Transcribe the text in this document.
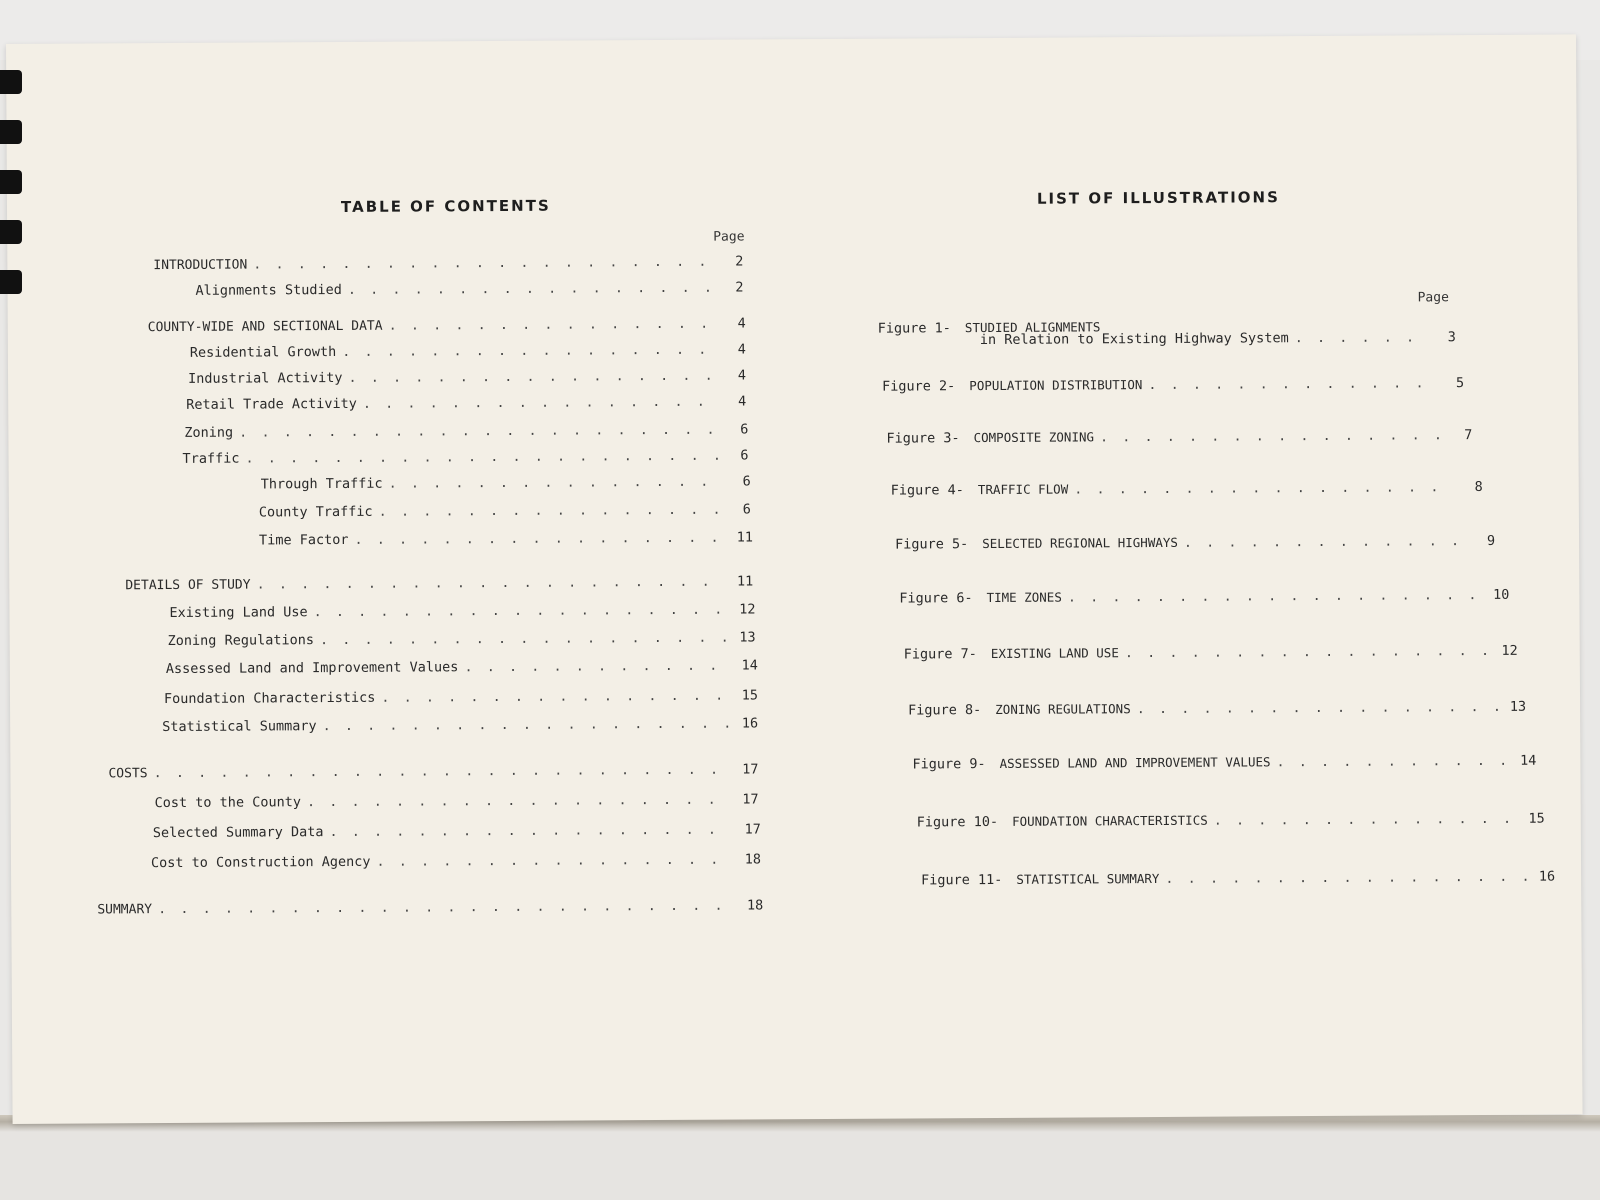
TABLE OF CONTENTS
Page
INTRODUCTION . . .	2
Alignments Studied . . .	2
COUNTY-WIDE AND SECTIONAL DATA . . .	4
Residential Growth . . .	4
Industrial Activity . . .	4
Retail Trade Activity . . .	4
Zoning . . .	6
Traffic . . .	6
Through Traffic . . .	6
County Traffic . . .	6
Time Factor . . .	11
DETAILS OF STUDY . . .	11
Existing Land Use . . .	12
Zoning Regulations . . .	13
Assessed Land and Improvement Values . . .	14
Foundation Characteristics . . .	15
Statistical Summary . . .	16
COSTS . . .	17
Cost to the County . . .	17
Selected Summary Data . . .	17
Cost to Construction Agency . . .	18
SUMMARY . . .	18
LIST OF ILLUSTRATIONS
Page
Figure 1-	STUDIED ALIGNMENTS
in Relation to Existing Highway System . . .	3
Figure 2-	POPULATION DISTRIBUTION . . .	5
Figure 3-	COMPOSITE ZONING . . .	7
Figure 4-	TRAFFIC FLOW . . .	8
Figure 5-	SELECTED REGIONAL HIGHWAYS . . .	9
Figure 6-	TIME ZONES . . .	10
Figure 7-	EXISTING LAND USE . . .	12
Figure 8-	ZONING REGULATIONS . . .	13
Figure 9-	ASSESSED LAND AND IMPROVEMENT VALUES . . .	14
Figure 10-	FOUNDATION CHARACTERISTICS . . .	15
Figure 11-	STATISTICAL SUMMARY . . .	16
